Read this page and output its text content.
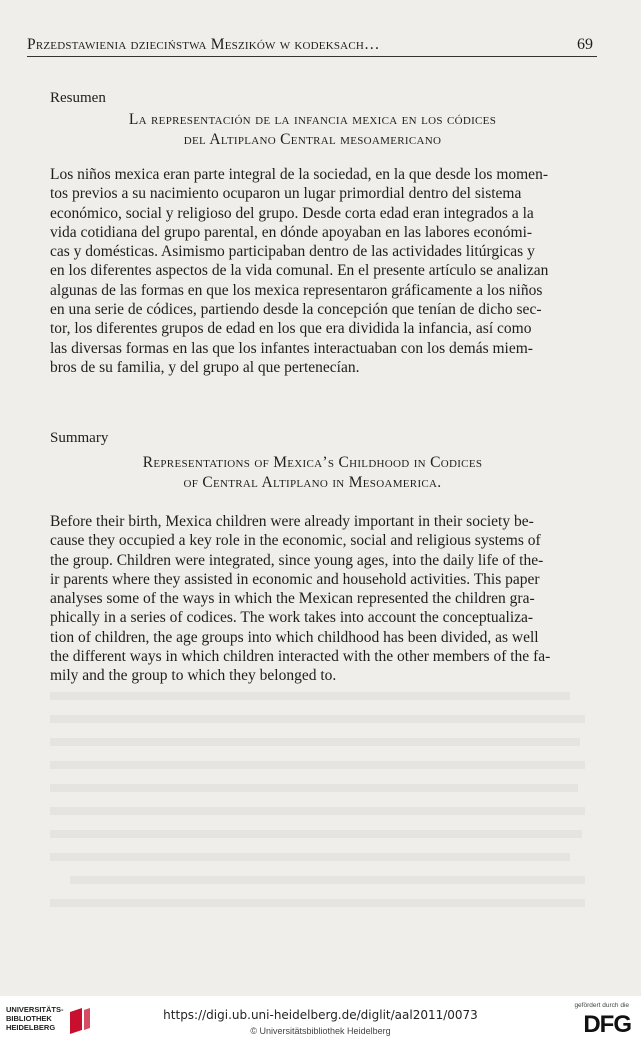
Przedstawienia dzieciństwa Meszików w kodeksach…	69
Resumen
La representación de la infancia mexica en los códices
del Altiplano Central mesoamericano
Los niños mexica eran parte integral de la sociedad, en la que desde los momen-
tos previos a su nacimiento ocuparon un lugar primordial dentro del sistema
económico, social y religioso del grupo. Desde corta edad eran integrados a la
vida cotidiana del grupo parental, en dónde apoyaban en las labores económi-
cas y domésticas. Asimismo participaban dentro de las actividades litúrgicas y
en los diferentes aspectos de la vida comunal. En el presente artículo se analizan
algunas de las formas en que los mexica representaron gráficamente a los niños
en una serie de códices, partiendo desde la concepción que tenían de dicho sec-
tor, los diferentes grupos de edad en los que era dividida la infancia, así como
las diversas formas en las que los infantes interactuaban con los demás miem-
bros de su familia, y del grupo al que pertenecían.
Summary
Representations of Mexica’s Childhood in Codices
of Central Altiplano in Mesoamerica.
Before their birth, Mexica children were already important in their society be-
cause they occupied a key role in the economic, social and religious systems of
the group. Children were integrated, since young ages, into the daily life of the-
ir parents where they assisted in economic and household activities. This paper
analyses some of the ways in which the Mexican represented the children gra-
phically in a series of codices. The work takes into account the conceptualiza-
tion of children, the age groups into which childhood has been divided, as well
the different ways in which children interacted with the other members of the fa-
mily and the group to which they belonged to.
UNIVERSITÄTS-
BIBLIOTHEK
HEIDELBERG
https://digi.ub.uni-heidelberg.de/diglit/aal2011/0073
© Universitätsbibliothek Heidelberg
gefördert durch die
DFG
